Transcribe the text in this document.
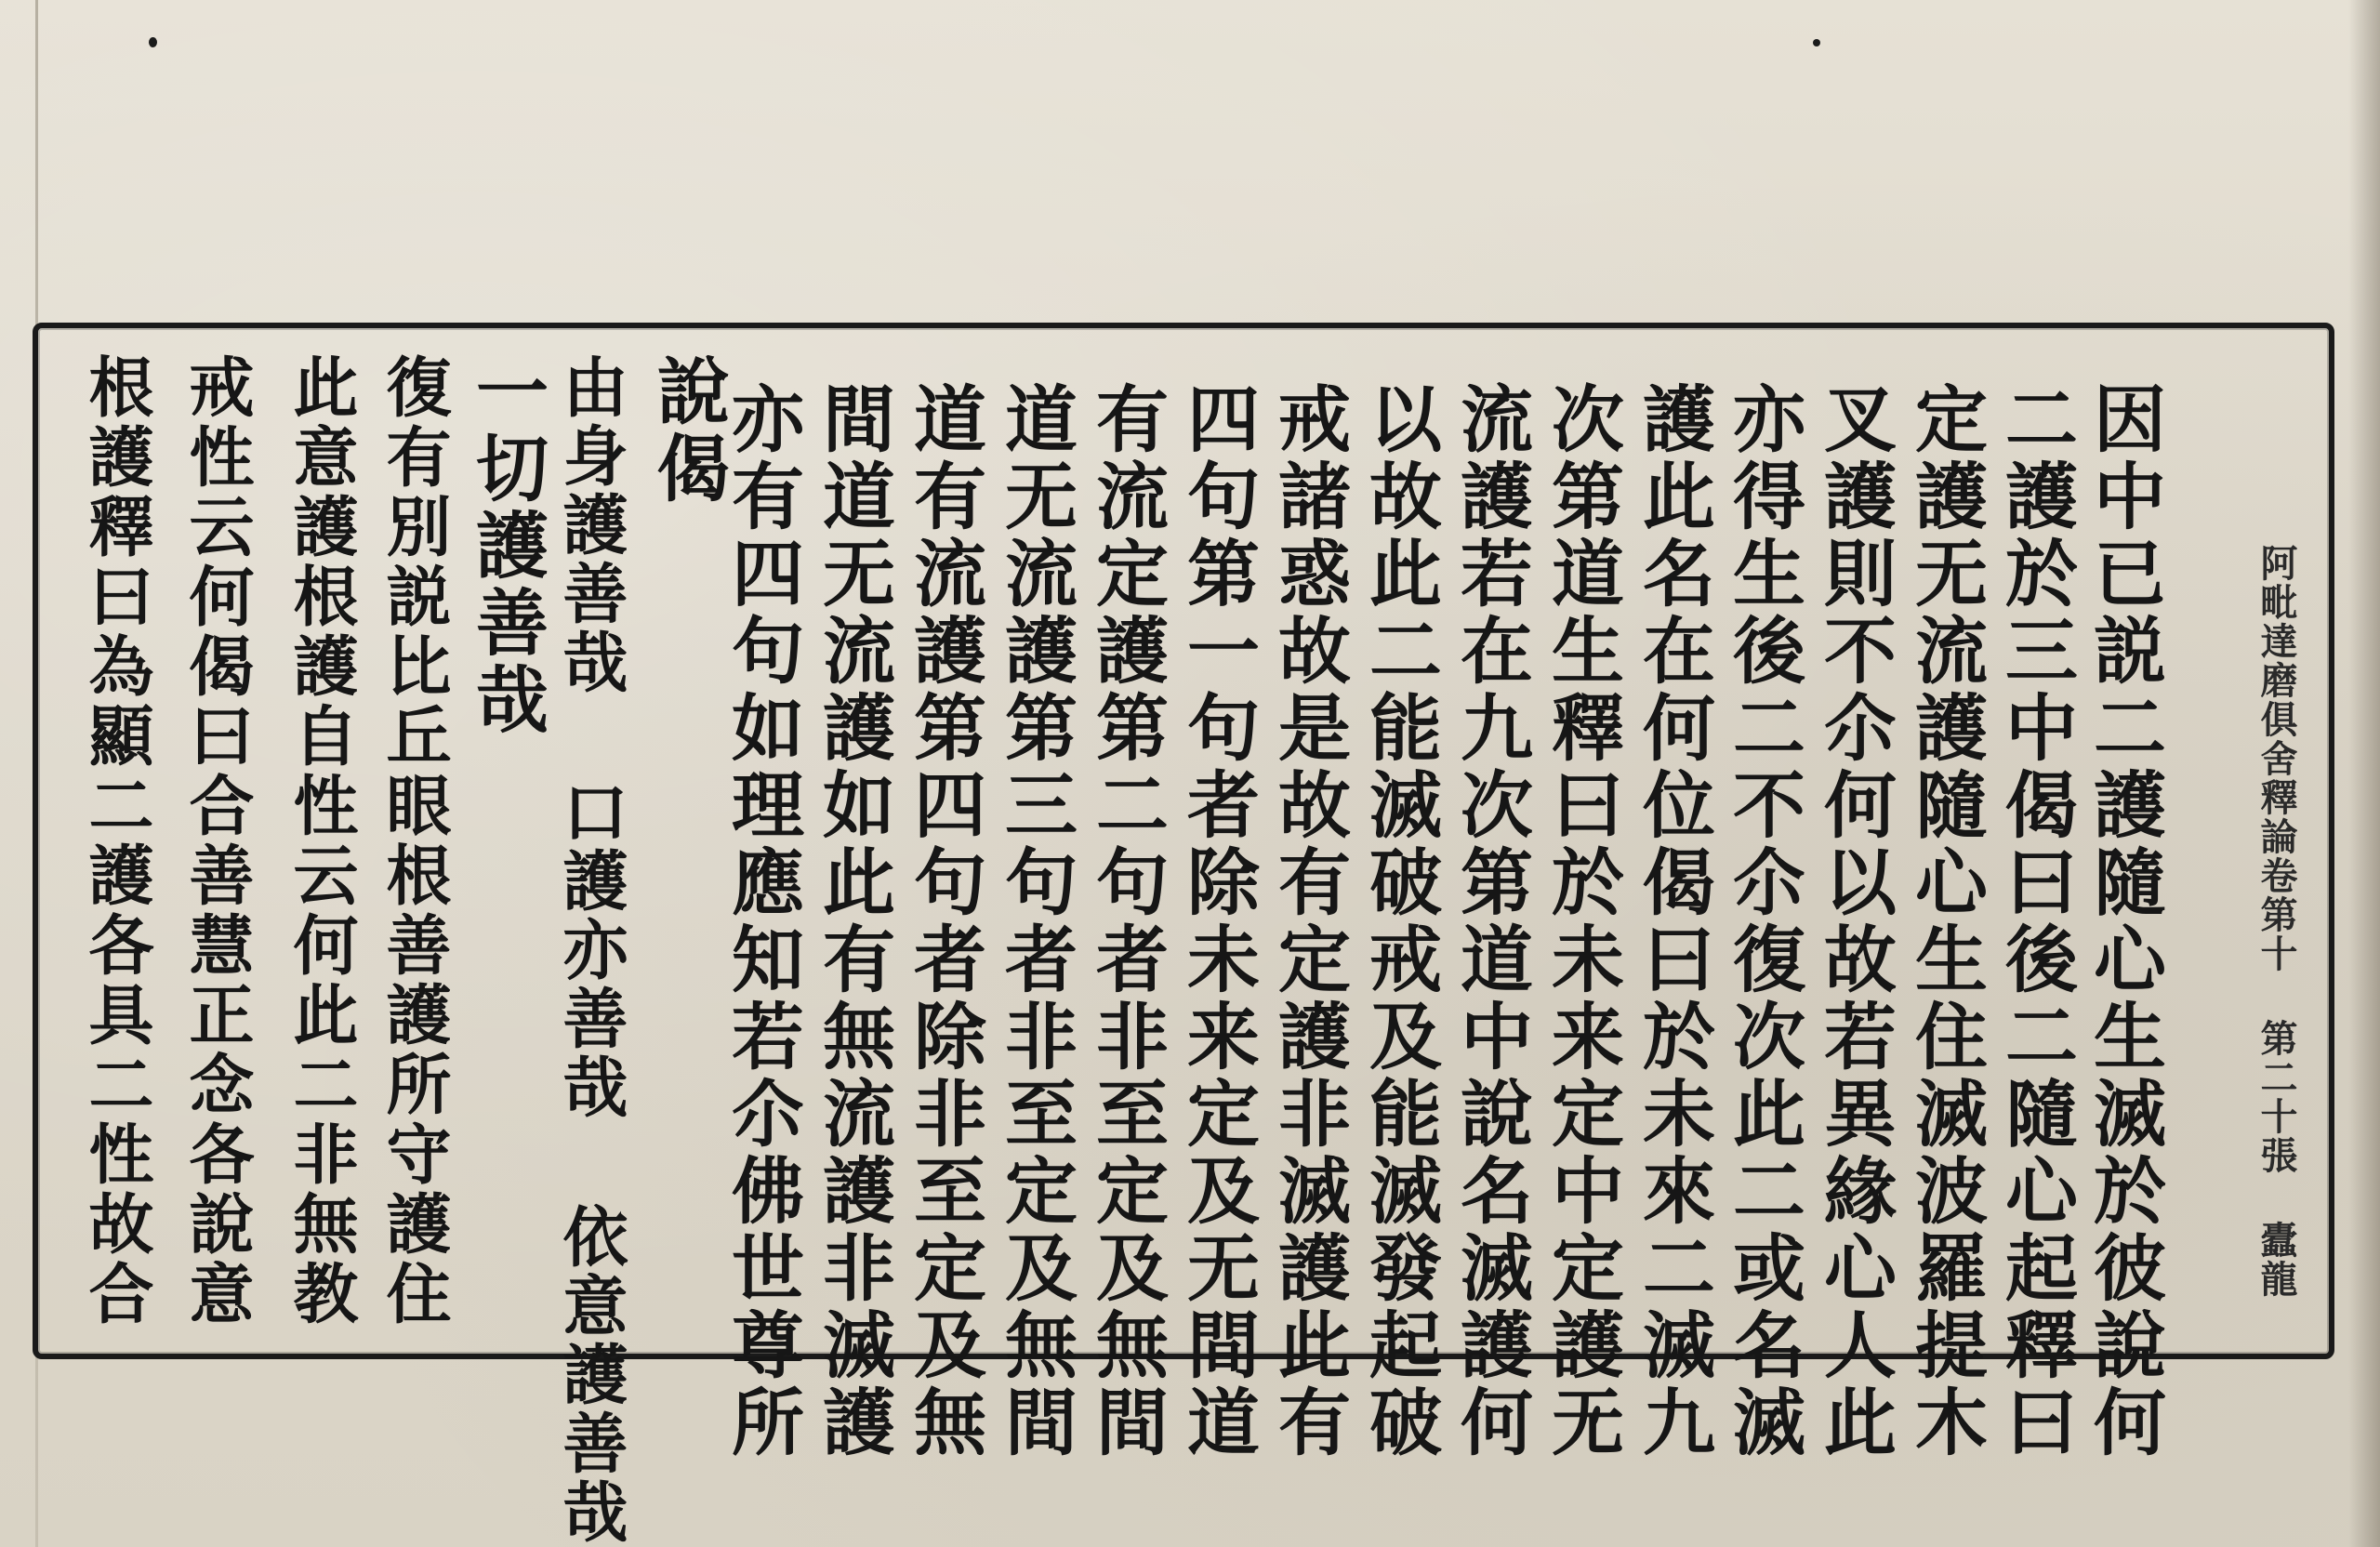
阿毗達磨俱舍釋論卷第十 第二十張 蠹龍
因中已説二護隨心生滅於彼說何
二護於三中偈曰後二隨心起釋曰
定護无流護隨心生住滅波羅提木
叉護則不尒何以故若異緣心人此
亦得生後二不尒復次此二或名滅
護此名在何位偈曰於未來二滅九
次第道生釋曰於未来定中定護无
流護若在九次第道中說名滅護何
以故此二能滅破戒及能滅發起破
戒諸惑故是故有定護非滅護此有
四句第一句者除未来定及无間道
有流定護第二句者非至定及無間
道无流護第三句者非至定及無間
道有流護第四句者除非至定及無
間道无流護如此有無流護非滅護
亦有四句如理應知若尒佛世尊所
說偈
由身護善哉 口護亦善哉 依意護善哉
一切護善哉
復有別説比丘眼根善護所守護住
此意護根護自性云何此二非無教
戒性云何偈曰合善慧正念各說意
根護釋曰為顯二護各具二性故合
